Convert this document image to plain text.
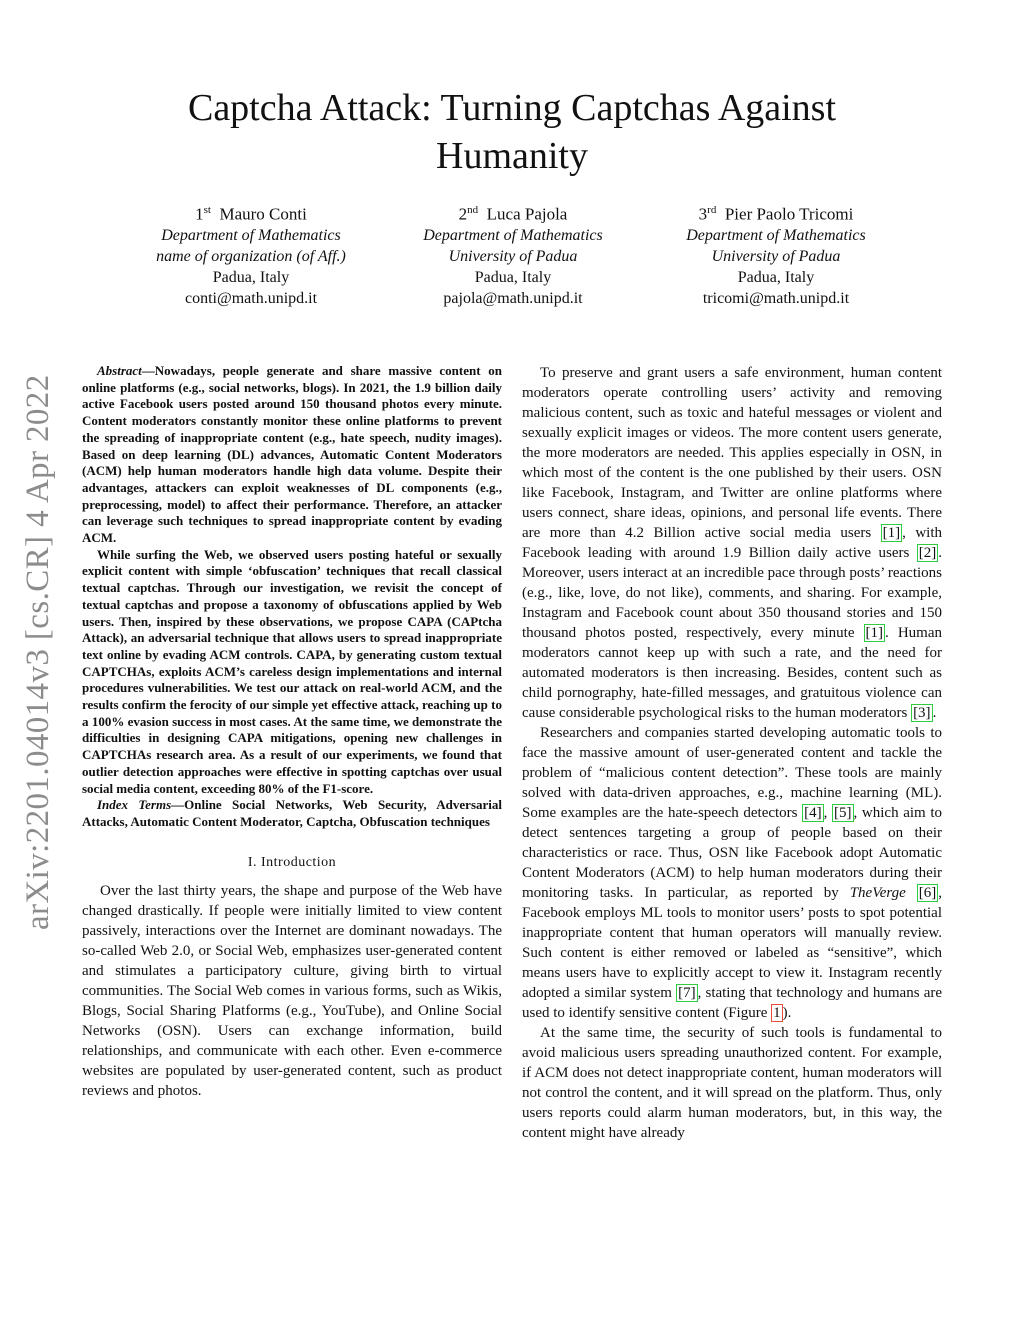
Captcha Attack: Turning Captchas Against
Humanity
1st Mauro Conti
Department of Mathematics
name of organization (of Aff.)
Padua, Italy
conti@math.unipd.it
2nd Luca Pajola
Department of Mathematics
University of Padua
Padua, Italy
pajola@math.unipd.it
3rd Pier Paolo Tricomi
Department of Mathematics
University of Padua
Padua, Italy
tricomi@math.unipd.it
arXiv:2201.04014v3 [cs.CR] 4 Apr 2022

Abstract—Nowadays, people generate and share massive content on online platforms (e.g., social networks, blogs). In 2021, the 1.9 billion daily active Facebook users posted around 150 thousand photos every minute. Content moderators constantly monitor these online platforms to prevent the spreading of inappropriate content (e.g., hate speech, nudity images). Based on deep learning (DL) advances, Automatic Content Moderators (ACM) help human moderators handle high data volume. Despite their advantages, attackers can exploit weaknesses of DL components (e.g., preprocessing, model) to affect their performance. Therefore, an attacker can leverage such techniques to spread inappropriate content by evading ACM.

While surfing the Web, we observed users posting hateful or sexually explicit content with simple ‘obfuscation’ techniques that recall classical textual captchas. Through our investigation, we revisit the concept of textual captchas and propose a taxonomy of obfuscations applied by Web users. Then, inspired by these observations, we propose CAPA (CAPtcha Attack), an adversarial technique that allows users to spread inappropriate text online by evading ACM controls. CAPA, by generating custom textual CAPTCHAs, exploits ACM’s careless design implementations and internal procedures vulnerabilities. We test our attack on real-world ACM, and the results confirm the ferocity of our simple yet effective attack, reaching up to a 100% evasion success in most cases. At the same time, we demonstrate the difficulties in designing CAPA mitigations, opening new challenges in CAPTCHAs research area. As a result of our experiments, we found that outlier detection approaches were effective in spotting captchas over usual social media content, exceeding 80% of the F1-score.

Index Terms—Online Social Networks, Web Security, Adversarial Attacks, Automatic Content Moderator, Captcha, Obfuscation techniques

I. Introduction

Over the last thirty years, the shape and purpose of the Web have changed drastically. If people were initially limited to view content passively, interactions over the Internet are dominant nowadays. The so-called Web 2.0, or Social Web, emphasizes user-generated content and stimulates a participatory culture, giving birth to virtual communities. The Social Web comes in various forms, such as Wikis, Blogs, Social Sharing Platforms (e.g., YouTube), and Online Social Networks (OSN). Users can exchange information, build relationships, and communicate with each other. Even e-commerce websites are populated by user-generated content, such as product reviews and photos.

To preserve and grant users a safe environment, human content moderators operate controlling users’ activity and removing malicious content, such as toxic and hateful messages or violent and sexually explicit images or videos. The more content users generate, the more moderators are needed. This applies especially in OSN, in which most of the content is the one published by their users. OSN like Facebook, Instagram, and Twitter are online platforms where users connect, share ideas, opinions, and personal life events. There are more than 4.2 Billion active social media users [1] , with Facebook leading with around 1.9 Billion daily active users [2] . Moreover, users interact at an incredible pace through posts’ reactions (e.g., like, love, do not like), comments, and sharing. For example, Instagram and Facebook count about 350 thousand stories and 150 thousand photos posted, respectively, every minute [1] . Human moderators cannot keep up with such a rate, and the need for automated moderators is then increasing. Besides, content such as child pornography, hate-filled messages, and gratuitous violence can cause considerable psychological risks to the human moderators [3] .

Researchers and companies started developing automatic tools to face the massive amount of user-generated content and tackle the problem of “malicious content detection”. These tools are mainly solved with data-driven approaches, e.g., machine learning (ML). Some examples are the hate-speech detectors [4] , [5] , which aim to detect sentences targeting a group of people based on their characteristics or race. Thus, OSN like Facebook adopt Automatic Content Moderators (ACM) to help human moderators during their monitoring tasks. In particular, as reported by TheVerge [6] , Facebook employs ML tools to monitor users’ posts to spot potential inappropriate content that human operators will manually review. Such content is either removed or labeled as “sensitive”, which means users have to explicitly accept to view it. Instagram recently adopted a similar system [7] , stating that technology and humans are used to identify sensitive content (Figure 1 ).

At the same time, the security of such tools is fundamental to avoid malicious users spreading unauthorized content. For example, if ACM does not detect inappropriate content, human moderators will not control the content, and it will spread on the platform. Thus, only users reports could alarm human moderators, but, in this way, the content might have already
